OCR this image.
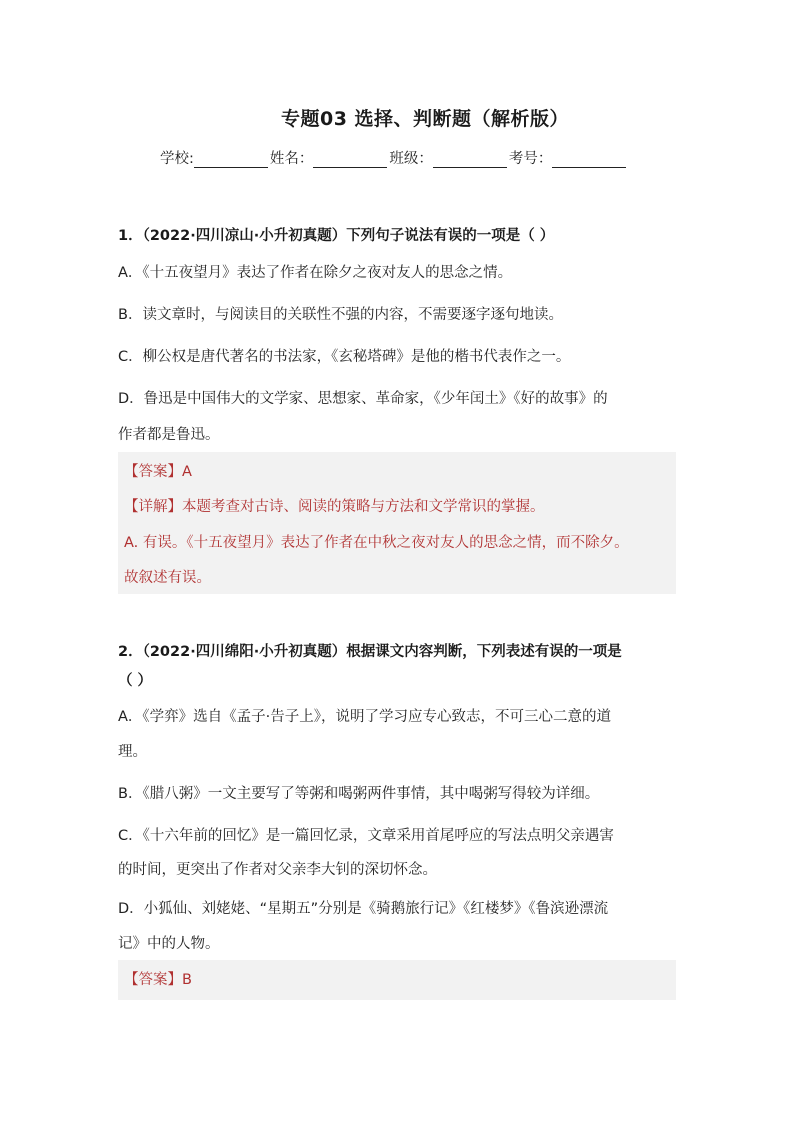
专题03 选择、判断题（解析版）
学校:	姓名：	班级：	考号：
1．（2022·四川凉山·小升初真题）下列句子说法有误的一项是（ ）
A．《十五夜望月》表达了作者在除夕之夜对友人的思念之情。
B．读文章时，与阅读目的关联性不强的内容，不需要逐字逐句地读。
C．柳公权是唐代著名的书法家，《玄秘塔碑》是他的楷书代表作之一。
D．鲁迅是中国伟大的文学家、思想家、革命家，《少年闰土》《好的故事》的
作者都是鲁迅。
【答案】A
【详解】本题考查对古诗、阅读的策略与方法和文学常识的掌握。
A. 有误。《十五夜望月》表达了作者在中秋之夜对友人的思念之情，而不除夕。
故叙述有误。
2．（2022·四川绵阳·小升初真题）根据课文内容判断，下列表述有误的一项是
（ ）
A．《学弈》选自《孟子·告子上》，说明了学习应专心致志，不可三心二意的道
理。
B．《腊八粥》一文主要写了等粥和喝粥两件事情，其中喝粥写得较为详细。
C．《十六年前的回忆》是一篇回忆录，文章采用首尾呼应的写法点明父亲遇害
的时间，更突出了作者对父亲李大钊的深切怀念。
D．小狐仙、刘姥姥、“星期五”分别是《骑鹅旅行记》《红楼梦》《鲁滨逊漂流
记》中的人物。
【答案】B
